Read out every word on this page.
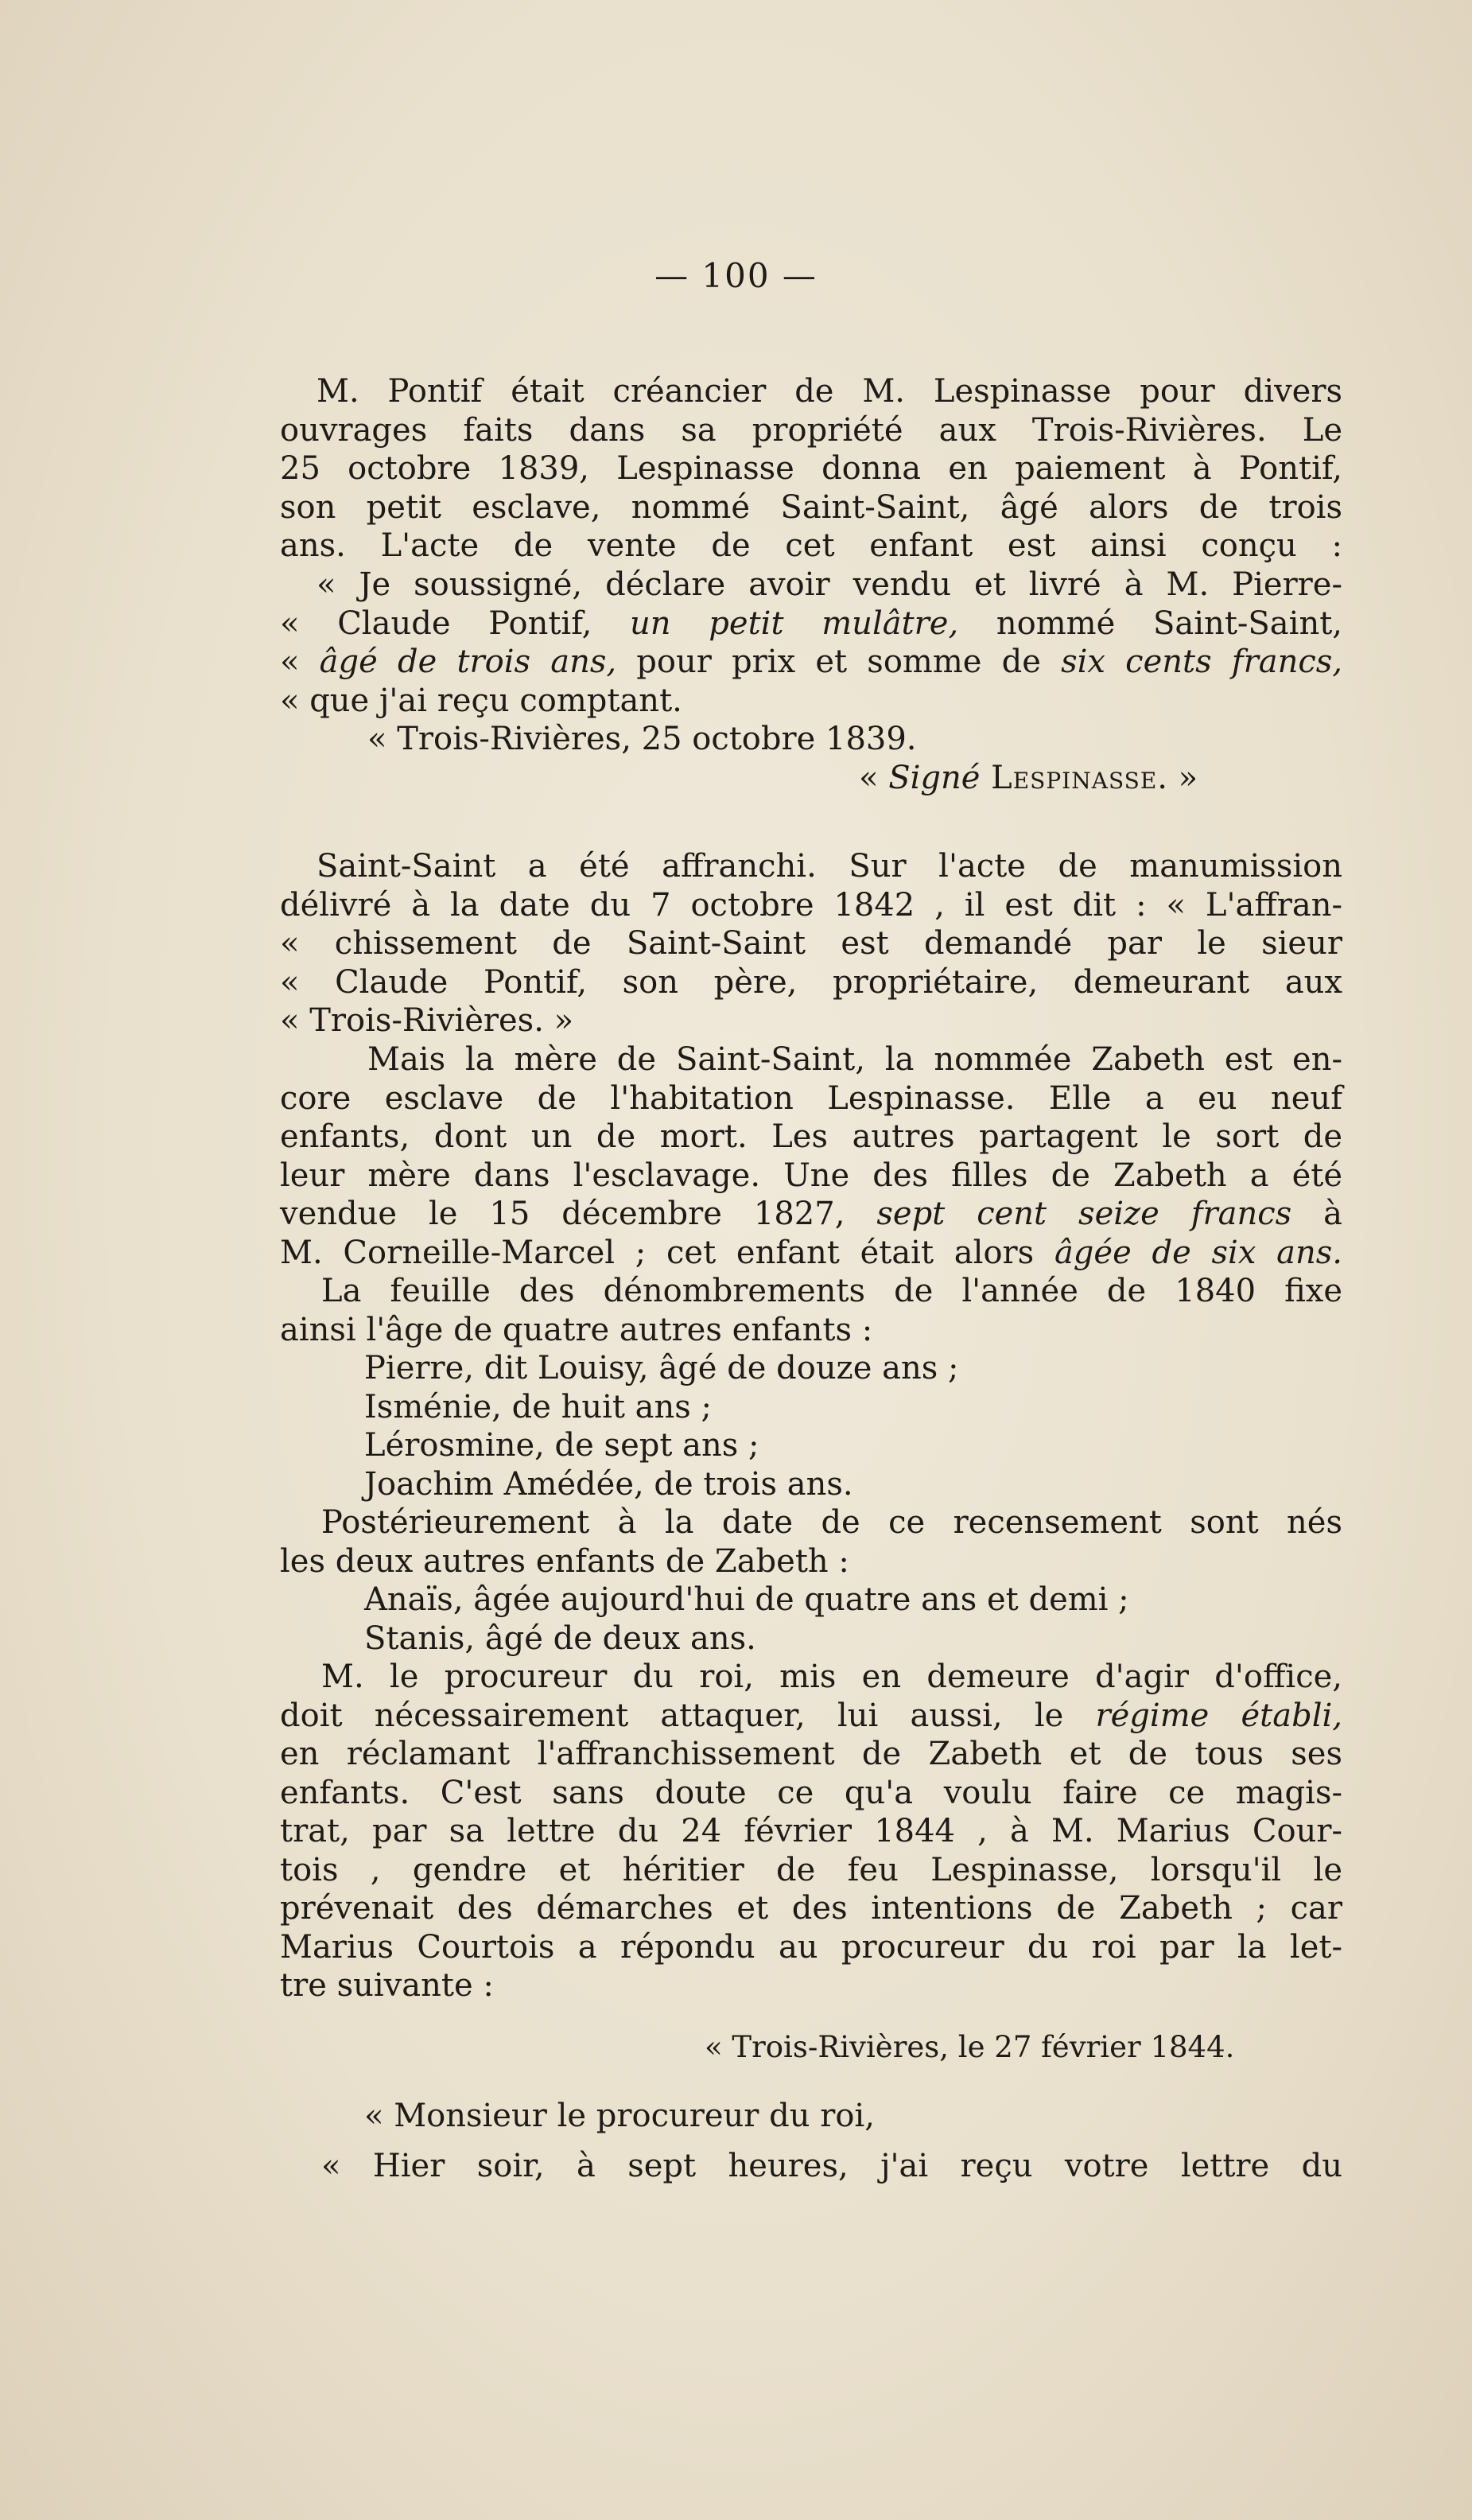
— 100 —
M. Pontif était créancier de M. Lespinasse pour divers
ouvrages faits dans sa propriété aux Trois-Rivières. Le
25 octobre 1839, Lespinasse donna en paiement à Pontif,
son petit esclave, nommé Saint-Saint, âgé alors de trois
ans. L'acte de vente de cet enfant est ainsi conçu :
« Je soussigné, déclare avoir vendu et livré à M. Pierre-
« Claude Pontif, un petit mulâtre, nommé Saint-Saint,
« âgé de trois ans, pour prix et somme de six cents francs,
« que j'ai reçu comptant.
« Trois-Rivières, 25 octobre 1839.
« Signé Lespinasse. »
Saint-Saint a été affranchi. Sur l'acte de manumission
délivré à la date du 7 octobre 1842 , il est dit : « L'affran-
« chissement de Saint-Saint est demandé par le sieur
« Claude Pontif, son père, propriétaire, demeurant aux
« Trois-Rivières. »
Mais la mère de Saint-Saint, la nommée Zabeth est en-
core esclave de l'habitation Lespinasse. Elle a eu neuf
enfants, dont un de mort. Les autres partagent le sort de
leur mère dans l'esclavage. Une des filles de Zabeth a été
vendue le 15 décembre 1827, sept cent seize francs à
M. Corneille-Marcel ; cet enfant était alors âgée de six ans.
La feuille des dénombrements de l'année de 1840 fixe
ainsi l'âge de quatre autres enfants :
Pierre, dit Louisy, âgé de douze ans ;
Isménie, de huit ans ;
Lérosmine, de sept ans ;
Joachim Amédée, de trois ans.
Postérieurement à la date de ce recensement sont nés
les deux autres enfants de Zabeth :
Anaïs, âgée aujourd'hui de quatre ans et demi ;
Stanis, âgé de deux ans.
M. le procureur du roi, mis en demeure d'agir d'office,
doit nécessairement attaquer, lui aussi, le régime établi,
en réclamant l'affranchissement de Zabeth et de tous ses
enfants. C'est sans doute ce qu'a voulu faire ce magis-
trat, par sa lettre du 24 février 1844 , à M. Marius Cour-
tois , gendre et héritier de feu Lespinasse, lorsqu'il le
prévenait des démarches et des intentions de Zabeth ; car
Marius Courtois a répondu au procureur du roi par la let-
tre suivante :
« Trois-Rivières, le 27 février 1844.
« Monsieur le procureur du roi,
« Hier soir, à sept heures, j'ai reçu votre lettre du
